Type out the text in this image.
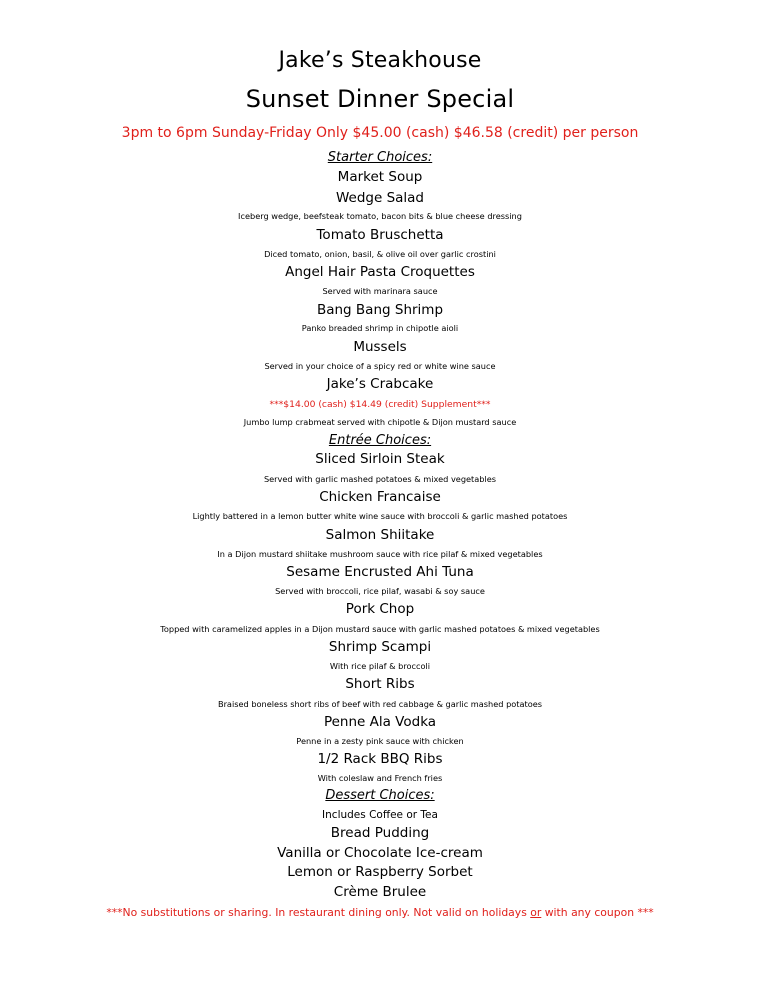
Jake’s Steakhouse
Sunset Dinner Special
3pm to 6pm Sunday-Friday Only $45.00 (cash) $46.58 (credit) per person
Starter Choices:
Market Soup
Wedge Salad
Iceberg wedge, beefsteak tomato, bacon bits & blue cheese dressing
Tomato Bruschetta
Diced tomato, onion, basil, & olive oil over garlic crostini
Angel Hair Pasta Croquettes
Served with marinara sauce
Bang Bang Shrimp
Panko breaded shrimp in chipotle aioli
Mussels
Served in your choice of a spicy red or white wine sauce
Jake’s Crabcake
***$14.00 (cash) $14.49 (credit) Supplement***
Jumbo lump crabmeat served with chipotle & Dijon mustard sauce
Entrée Choices:
Sliced Sirloin Steak
Served with garlic mashed potatoes & mixed vegetables
Chicken Francaise
Lightly battered in a lemon butter white wine sauce with broccoli & garlic mashed potatoes
Salmon Shiitake
In a Dijon mustard shiitake mushroom sauce with rice pilaf & mixed vegetables
Sesame Encrusted Ahi Tuna
Served with broccoli, rice pilaf, wasabi & soy sauce
Pork Chop
Topped with caramelized apples in a Dijon mustard sauce with garlic mashed potatoes & mixed vegetables
Shrimp Scampi
With rice pilaf & broccoli
Short Ribs
Braised boneless short ribs of beef with red cabbage & garlic mashed potatoes
Penne Ala Vodka
Penne in a zesty pink sauce with chicken
1/2 Rack BBQ Ribs
With coleslaw and French fries
Dessert Choices:
Includes Coffee or Tea
Bread Pudding
Vanilla or Chocolate Ice-cream
Lemon or Raspberry Sorbet
Crème Brulee
***No substitutions or sharing. In restaurant dining only. Not valid on holidays or with any coupon ***
